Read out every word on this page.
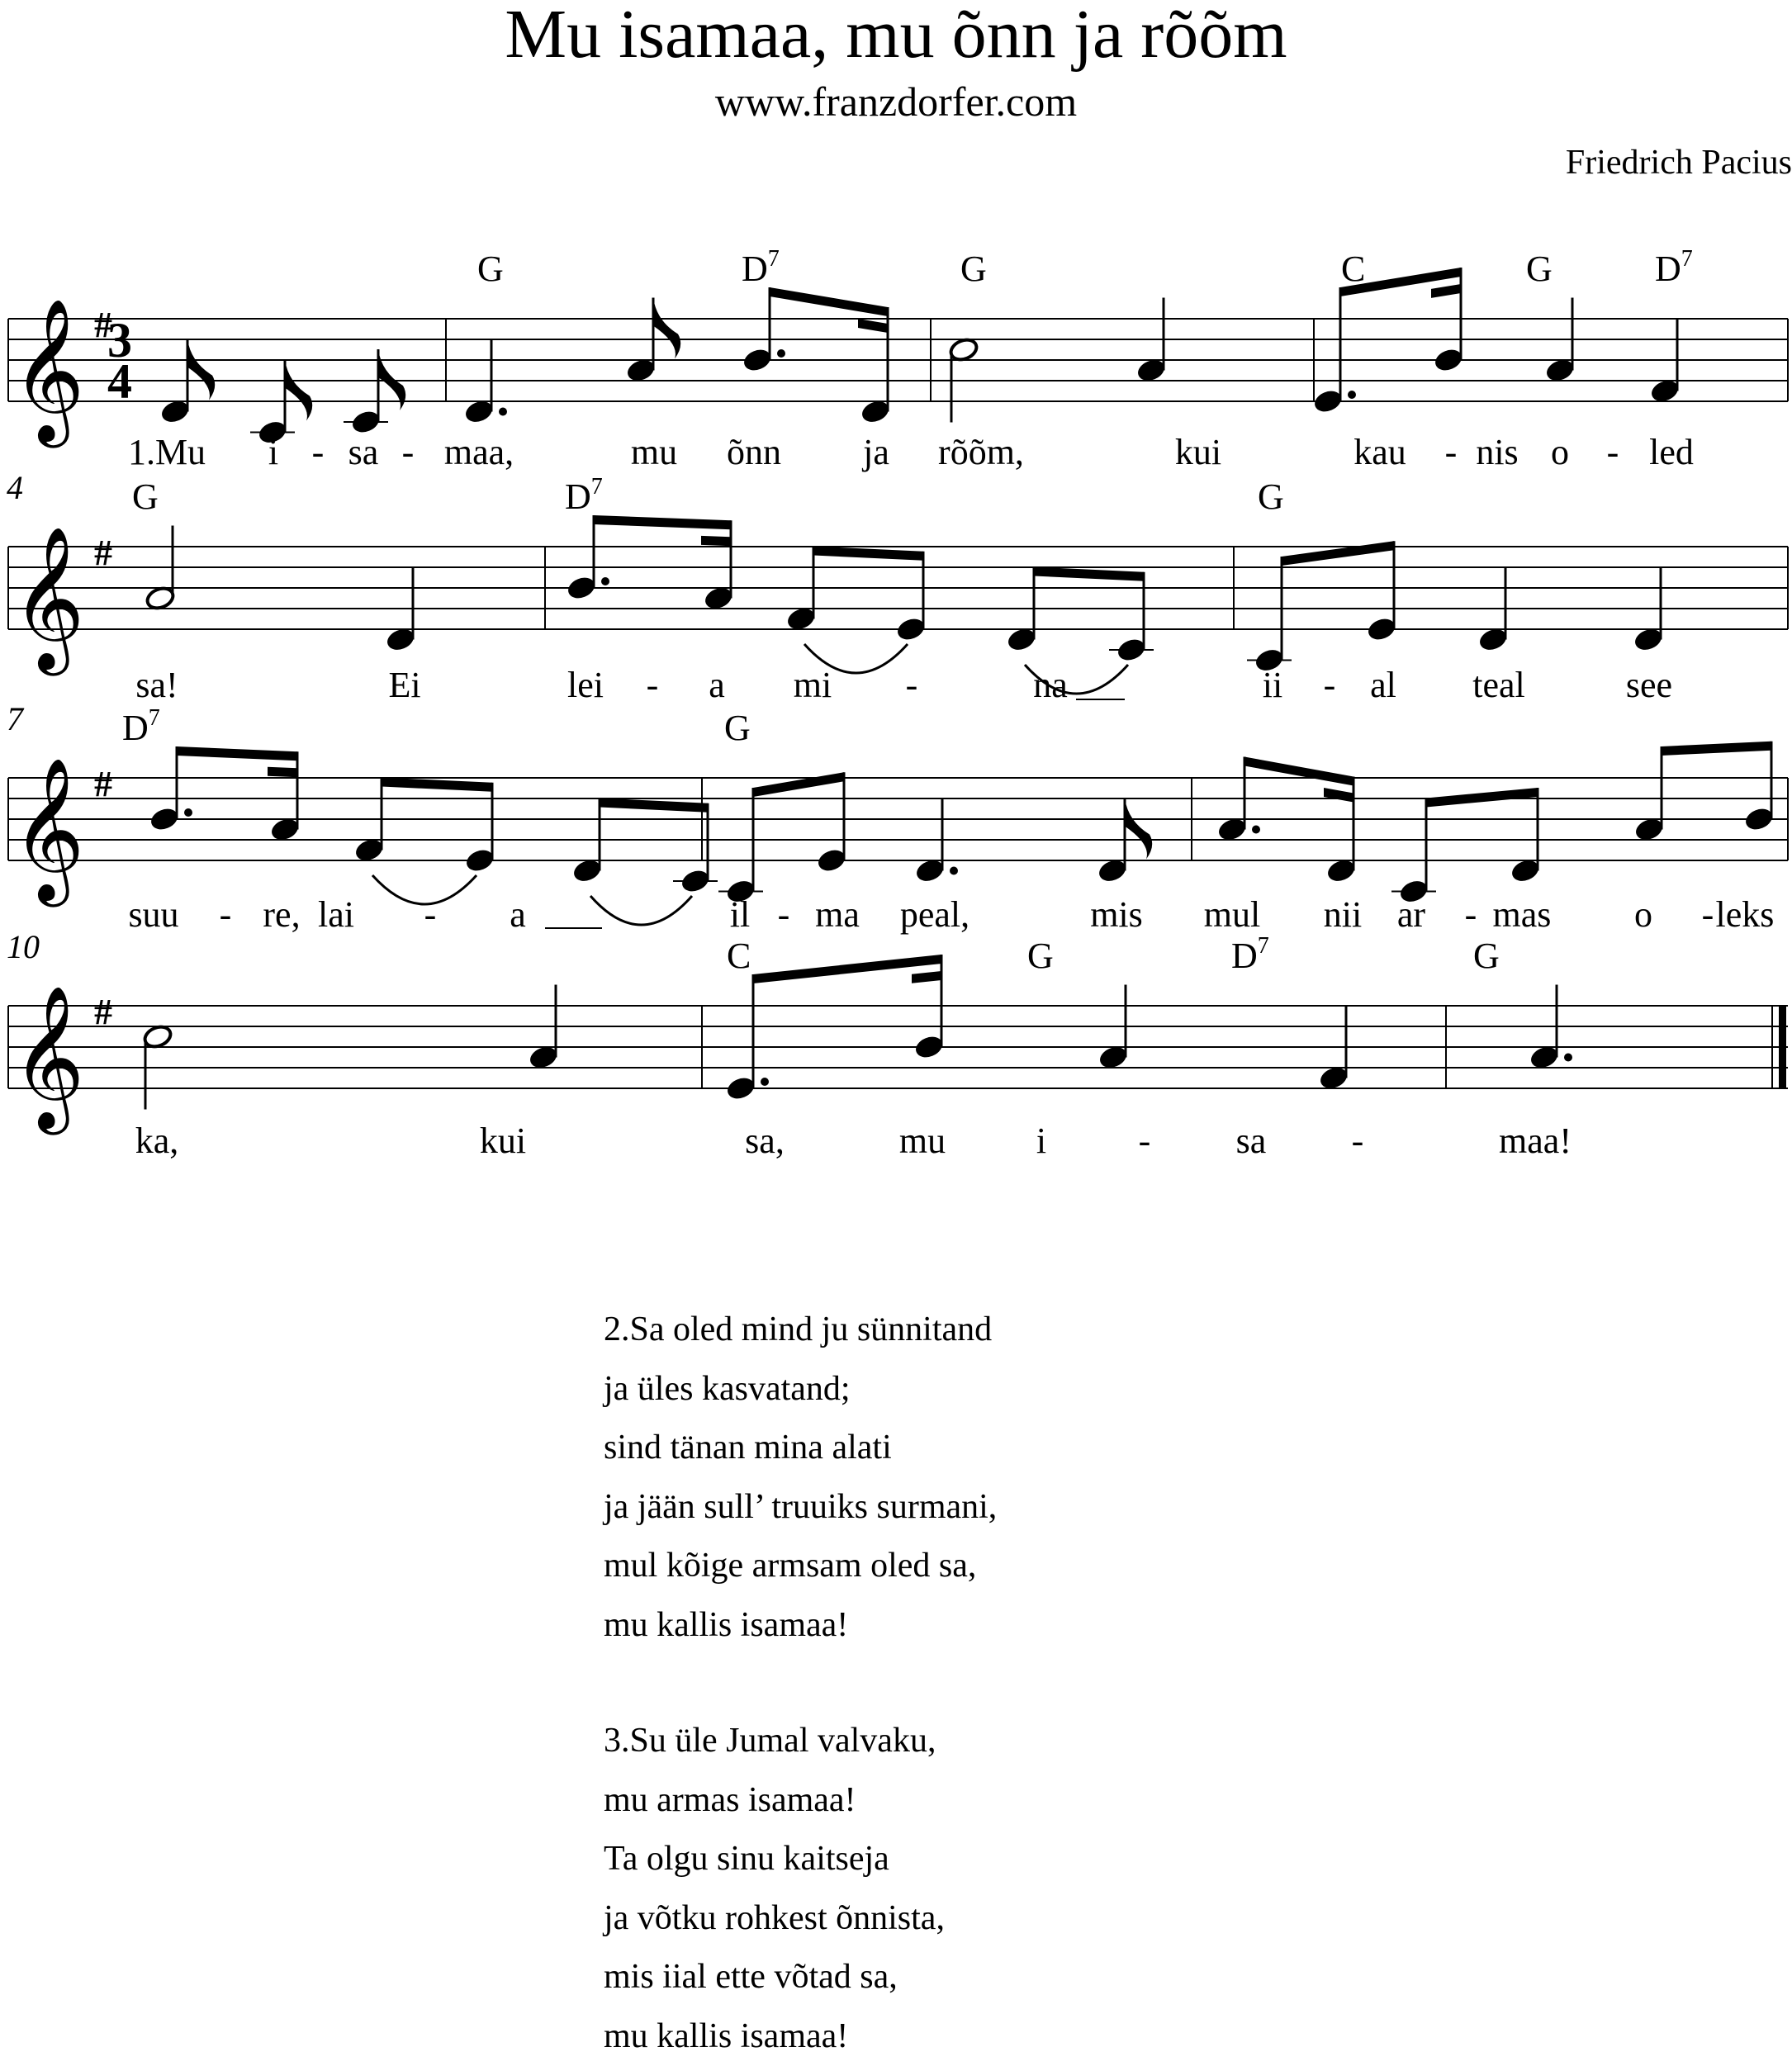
Mu isamaa, mu õnn ja rõõm
www.franzdorfer.com
Friedrich Pacius
𝄞 #
𝄞 #
4
𝄞 #
7
𝄞 #
10
3
4
G	$D^7$	G	C	G	$D^7$
G	$D^7$	G
$D^7$	G
C	G	$D^7$	G
1.Mu i - sa - maa,	mu õnn ja rõõm,	kui	kau - nis o - led
sa!	Ei	lei - a mi -	na	ii - al teal	see
suu - re, lai - a	il - ma peal,	mis mul nii ar - mas o - leks
ka,	kui	sa,	mu i	- sa -	maa!
2.Sa oled mind ju sünnitand
ja üles kasvatand;
sind tänan mina alati
ja jään sull’ truuiks surmani,
mul kõige armsam oled sa,
mu kallis isamaa!
3.Su üle Jumal valvaku,
mu armas isamaa!
Ta olgu sinu kaitseja
ja võtku rohkest õnnista,
mis iial ette võtad sa,
mu kallis isamaa!
